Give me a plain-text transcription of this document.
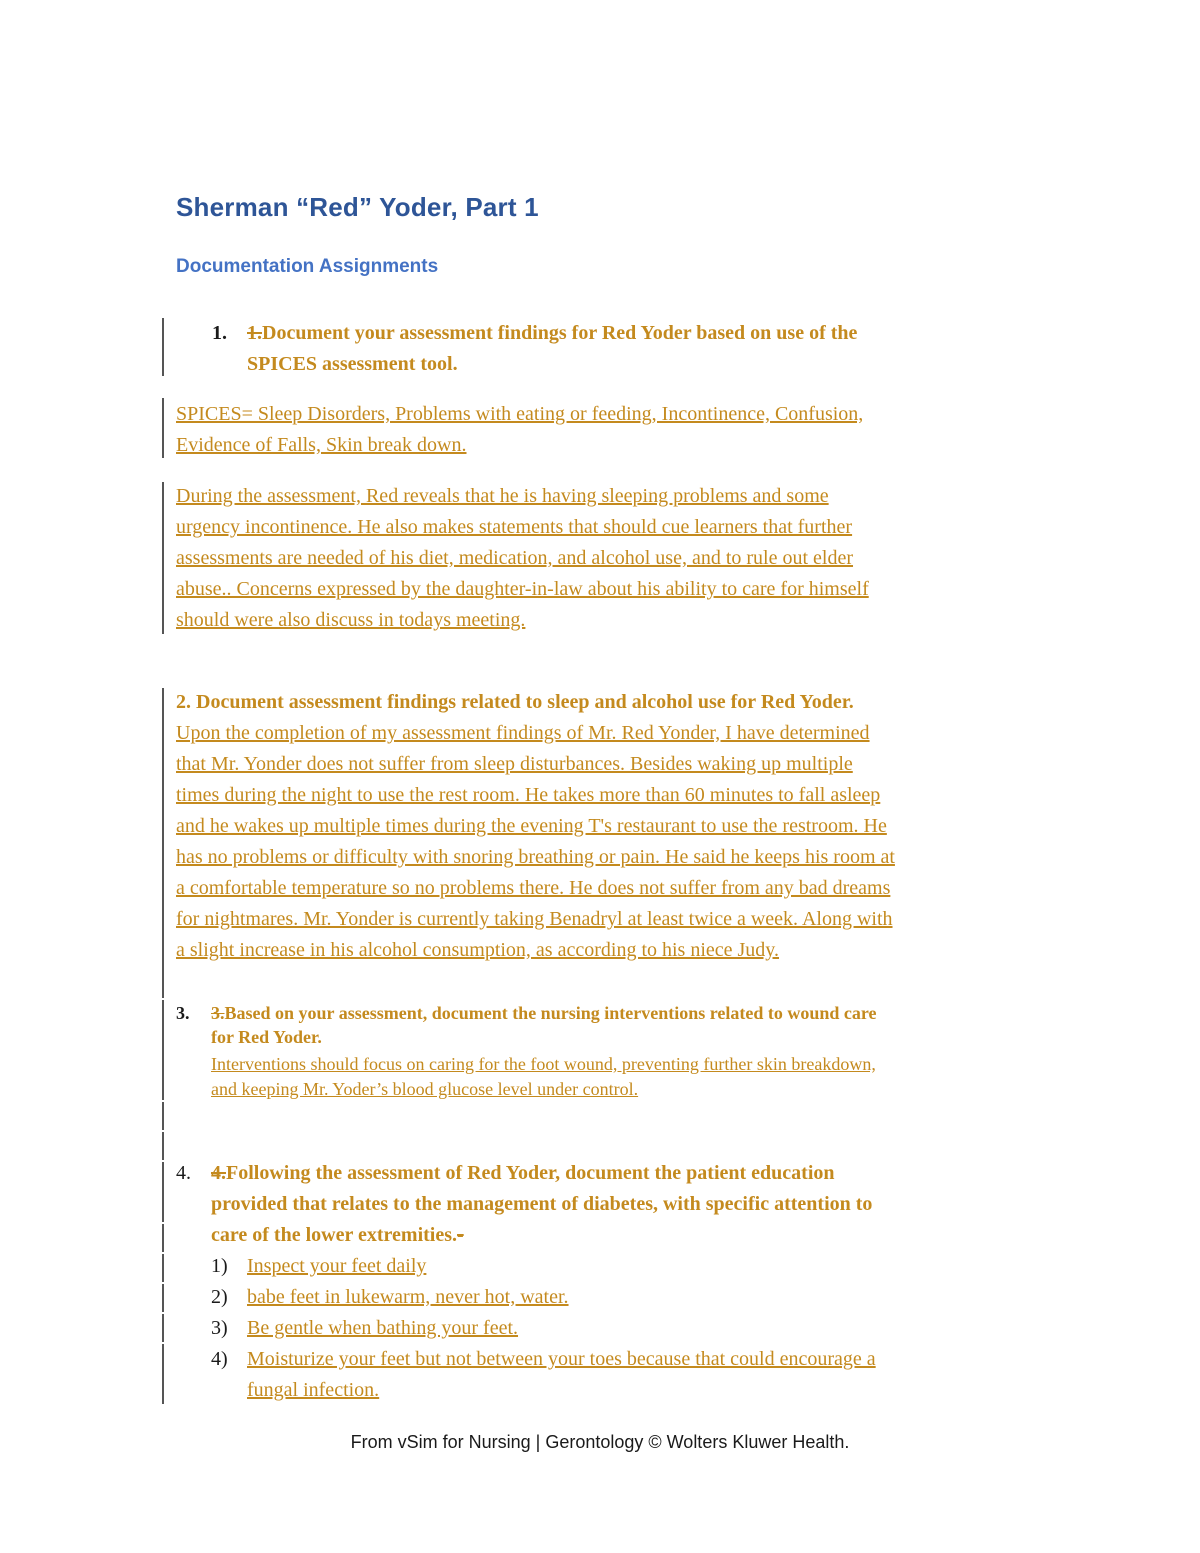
Sherman “Red” Yoder, Part 1
Documentation Assignments
1. 1.Document your assessment findings for Red Yoder based on use of the
SPICES assessment tool.
SPICES= Sleep Disorders, Problems with eating or feeding, Incontinence, Confusion,
Evidence of Falls, Skin break down.
During the assessment, Red reveals that he is having sleeping problems and some
urgency incontinence. He also makes statements that should cue learners that further
assessments are needed of his diet, medication, and alcohol use, and to rule out elder
abuse.. Concerns expressed by the daughter-in-law about his ability to care for himself
should were also discuss in todays meeting.
2. Document assessment findings related to sleep and alcohol use for Red Yoder.
Upon the completion of my assessment findings of Mr. Red Yonder, I have determined
that Mr. Yonder does not suffer from sleep disturbances. Besides waking up multiple
times during the night to use the rest room. He takes more than 60 minutes to fall asleep
and he wakes up multiple times during the evening T's restaurant to use the restroom. He
has no problems or difficulty with snoring breathing or pain. He said he keeps his room at
a comfortable temperature so no problems there. He does not suffer from any bad dreams
for nightmares. Mr. Yonder is currently taking Benadryl at least twice a week. Along with
a slight increase in his alcohol consumption, as according to his niece Judy.
3. 3.Based on your assessment, document the nursing interventions related to wound care
for Red Yoder.
Interventions should focus on caring for the foot wound, preventing further skin breakdown,
and keeping Mr. Yoder’s blood glucose level under control.
4. 4.Following the assessment of Red Yoder, document the patient education
provided that relates to the management of diabetes, with specific attention to
care of the lower extremities.-
1) Inspect your feet daily
2) babe feet in lukewarm, never hot, water.
3) Be gentle when bathing your feet.
4) Moisturize your feet but not between your toes because that could encourage a
fungal infection.
From vSim for Nursing | Gerontology © Wolters Kluwer Health.
